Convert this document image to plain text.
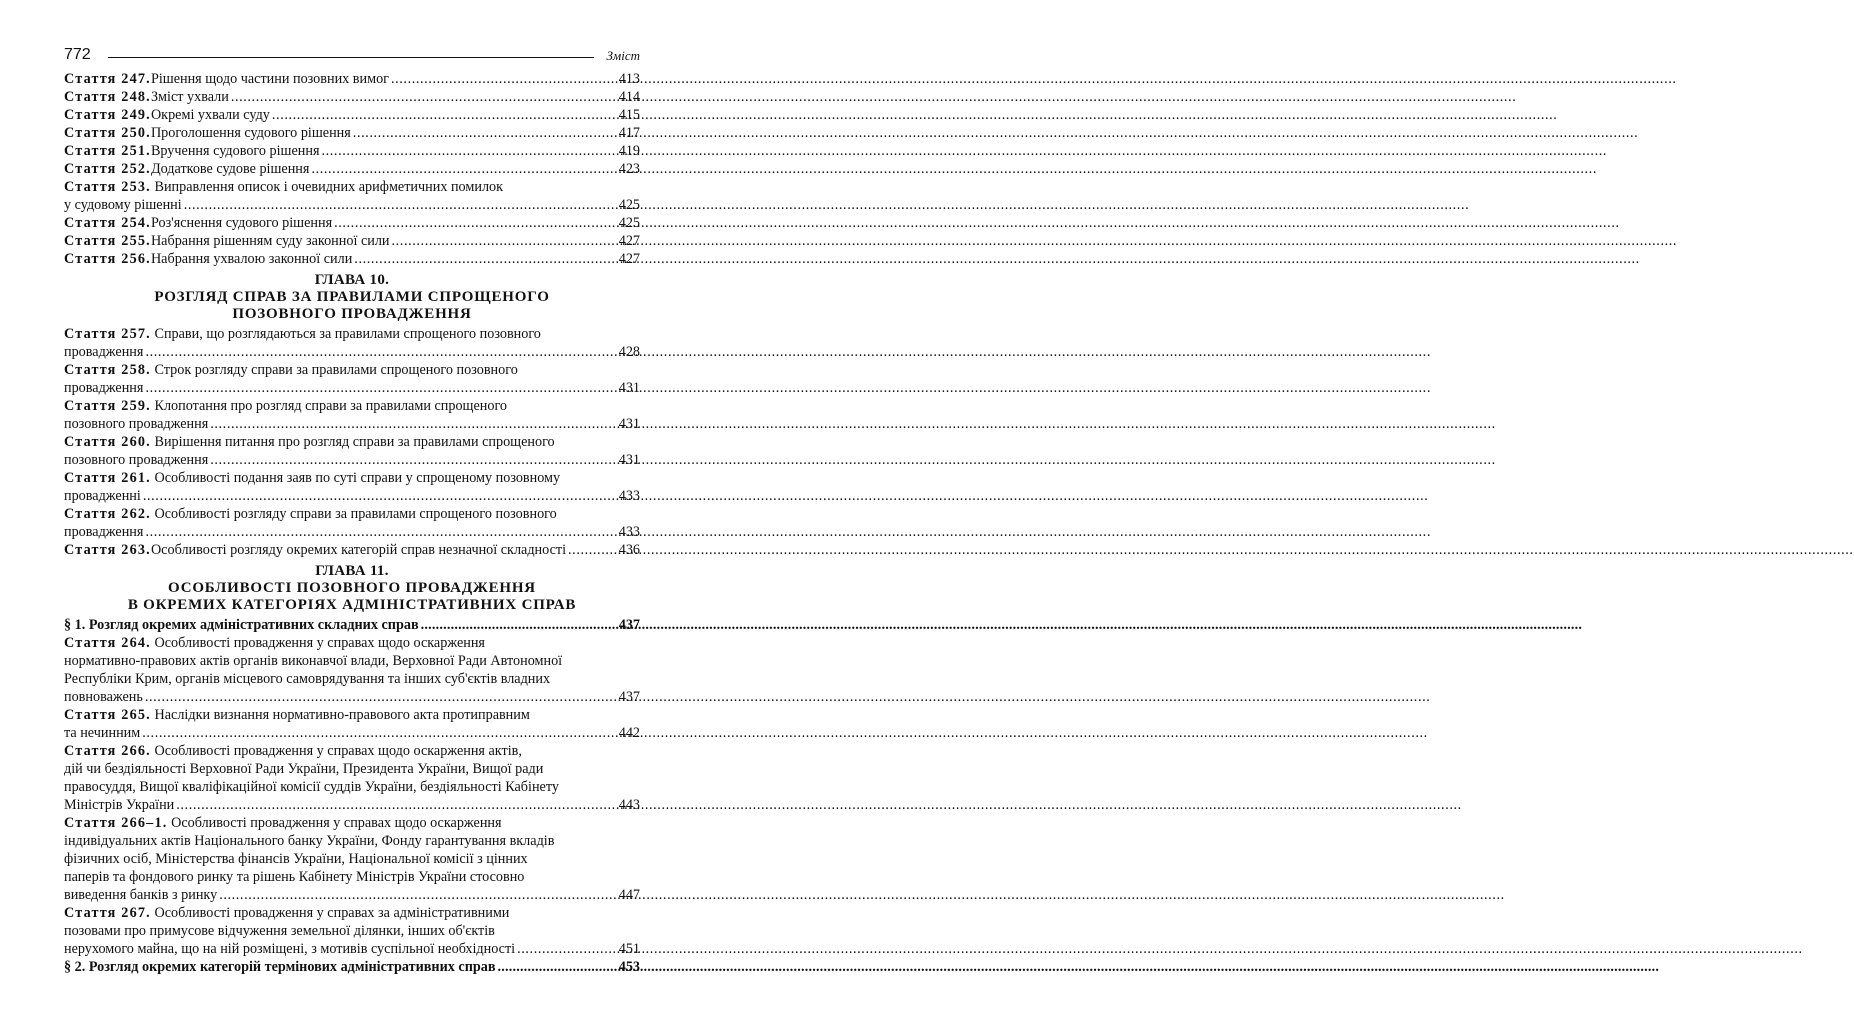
772	Зміст
Стаття 247. Рішення щодо частини позовних вимог .....	413
Стаття 248. Зміст ухвали .....	414
Стаття 249. Окремі ухвали суду .....	415
Стаття 250. Проголошення судового рішення .....	417
Стаття 251. Вручення судового рішення .....	419
Стаття 252. Додаткове судове рішення .....	423
Стаття 253. Виправлення описок і очевидних арифметичних помилок
у судовому рішенні .....	425
Стаття 254. Роз'яснення судового рішення .....	425
Стаття 255. Набрання рішенням суду законної сили .....	427
Стаття 256. Набрання ухвалою законної сили .....	427
ГЛАВА 10.
РОЗГЛЯД СПРАВ ЗА ПРАВИЛАМИ СПРОЩЕНОГО
ПОЗОВНОГО ПРОВАДЖЕННЯ
Стаття 257. Справи, що розглядаються за правилами спрощеного позовного
провадження .....	428
Стаття 258. Строк розгляду справи за правилами спрощеного позовного
провадження .....	431
Стаття 259. Клопотання про розгляд справи за правилами спрощеного
позовного провадження .....	431
Стаття 260. Вирішення питання про розгляд справи за правилами спрощеного
позовного провадження .....	431
Стаття 261. Особливості подання заяв по суті справи у спрощеному позовному
провадженні .....	433
Стаття 262. Особливості розгляду справи за правилами спрощеного позовного
провадження .....	433
Стаття 263. Особливості розгляду окремих категорій справ незначної складності .....	436
ГЛАВА 11.
ОСОБЛИВОСТІ ПОЗОВНОГО ПРОВАДЖЕННЯ
В ОКРЕМИХ КАТЕГОРІЯХ АДМІНІСТРАТИВНИХ СПРАВ
§ 1. Розгляд окремих адміністративних складних справ .....	437
Стаття 264. Особливості провадження у справах щодо оскарження
нормативно-правових актів органів виконавчої влади, Верховної Ради Автономної
Республіки Крим, органів місцевого самоврядування та інших суб'єктів владних
повноважень .....	437
Стаття 265. Наслідки визнання нормативно-правового акта протиправним
та нечинним .....	442
Стаття 266. Особливості провадження у справах щодо оскарження актів,
дій чи бездіяльності Верховної Ради України, Президента України, Вищої ради
правосуддя, Вищої кваліфікаційної комісії суддів України, бездіяльності Кабінету
Міністрів України .....	443
Стаття 266–1. Особливості провадження у справах щодо оскарження
індивідуальних актів Національного банку України, Фонду гарантування вкладів
фізичних осіб, Міністерства фінансів України, Національної комісії з цінних
паперів та фондового ринку та рішень Кабінету Міністрів України стосовно
виведення банків з ринку .....	447
Стаття 267. Особливості провадження у справах за адміністративними
позовами про примусове відчуження земельної ділянки, інших об'єктів
нерухомого майна, що на ній розміщені, з мотивів суспільної необхідності .....	451
§ 2. Розгляд окремих категорій термінових адміністративних справ .....	453
